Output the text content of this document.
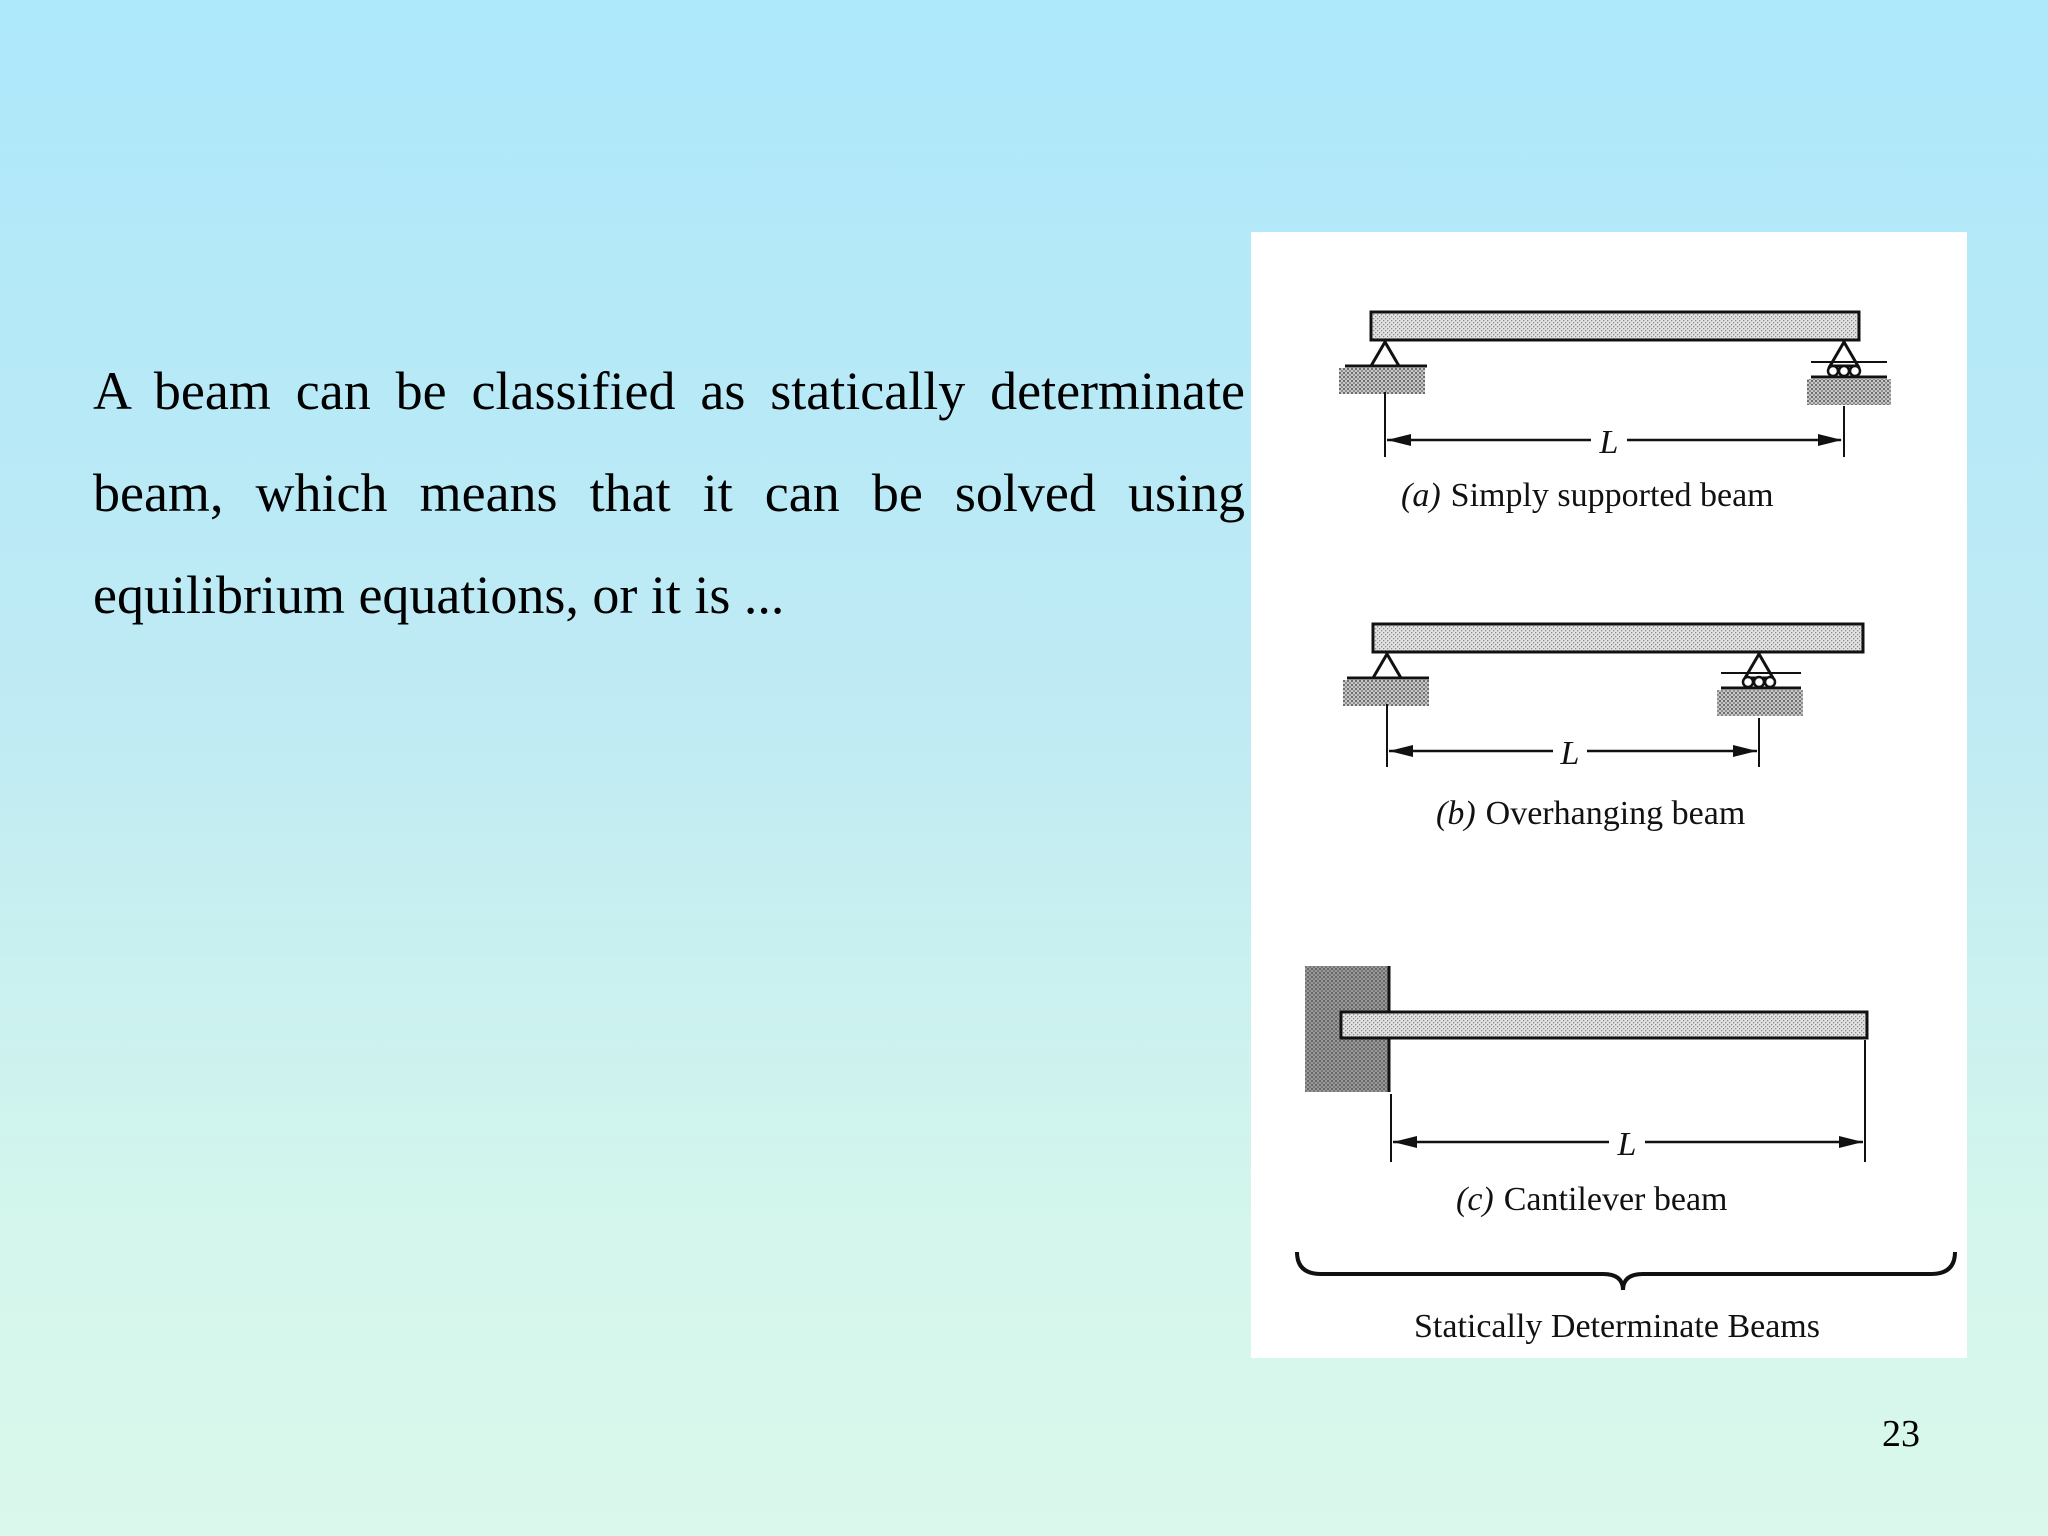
A beam can be classified as statically determinate beam, which means that it can be solved using equilibrium equations, or it is ...
L
(a) Simply supported beam
L
(b) Overhanging beam
L
(c) Cantilever beam
Statically Determinate Beams
23
